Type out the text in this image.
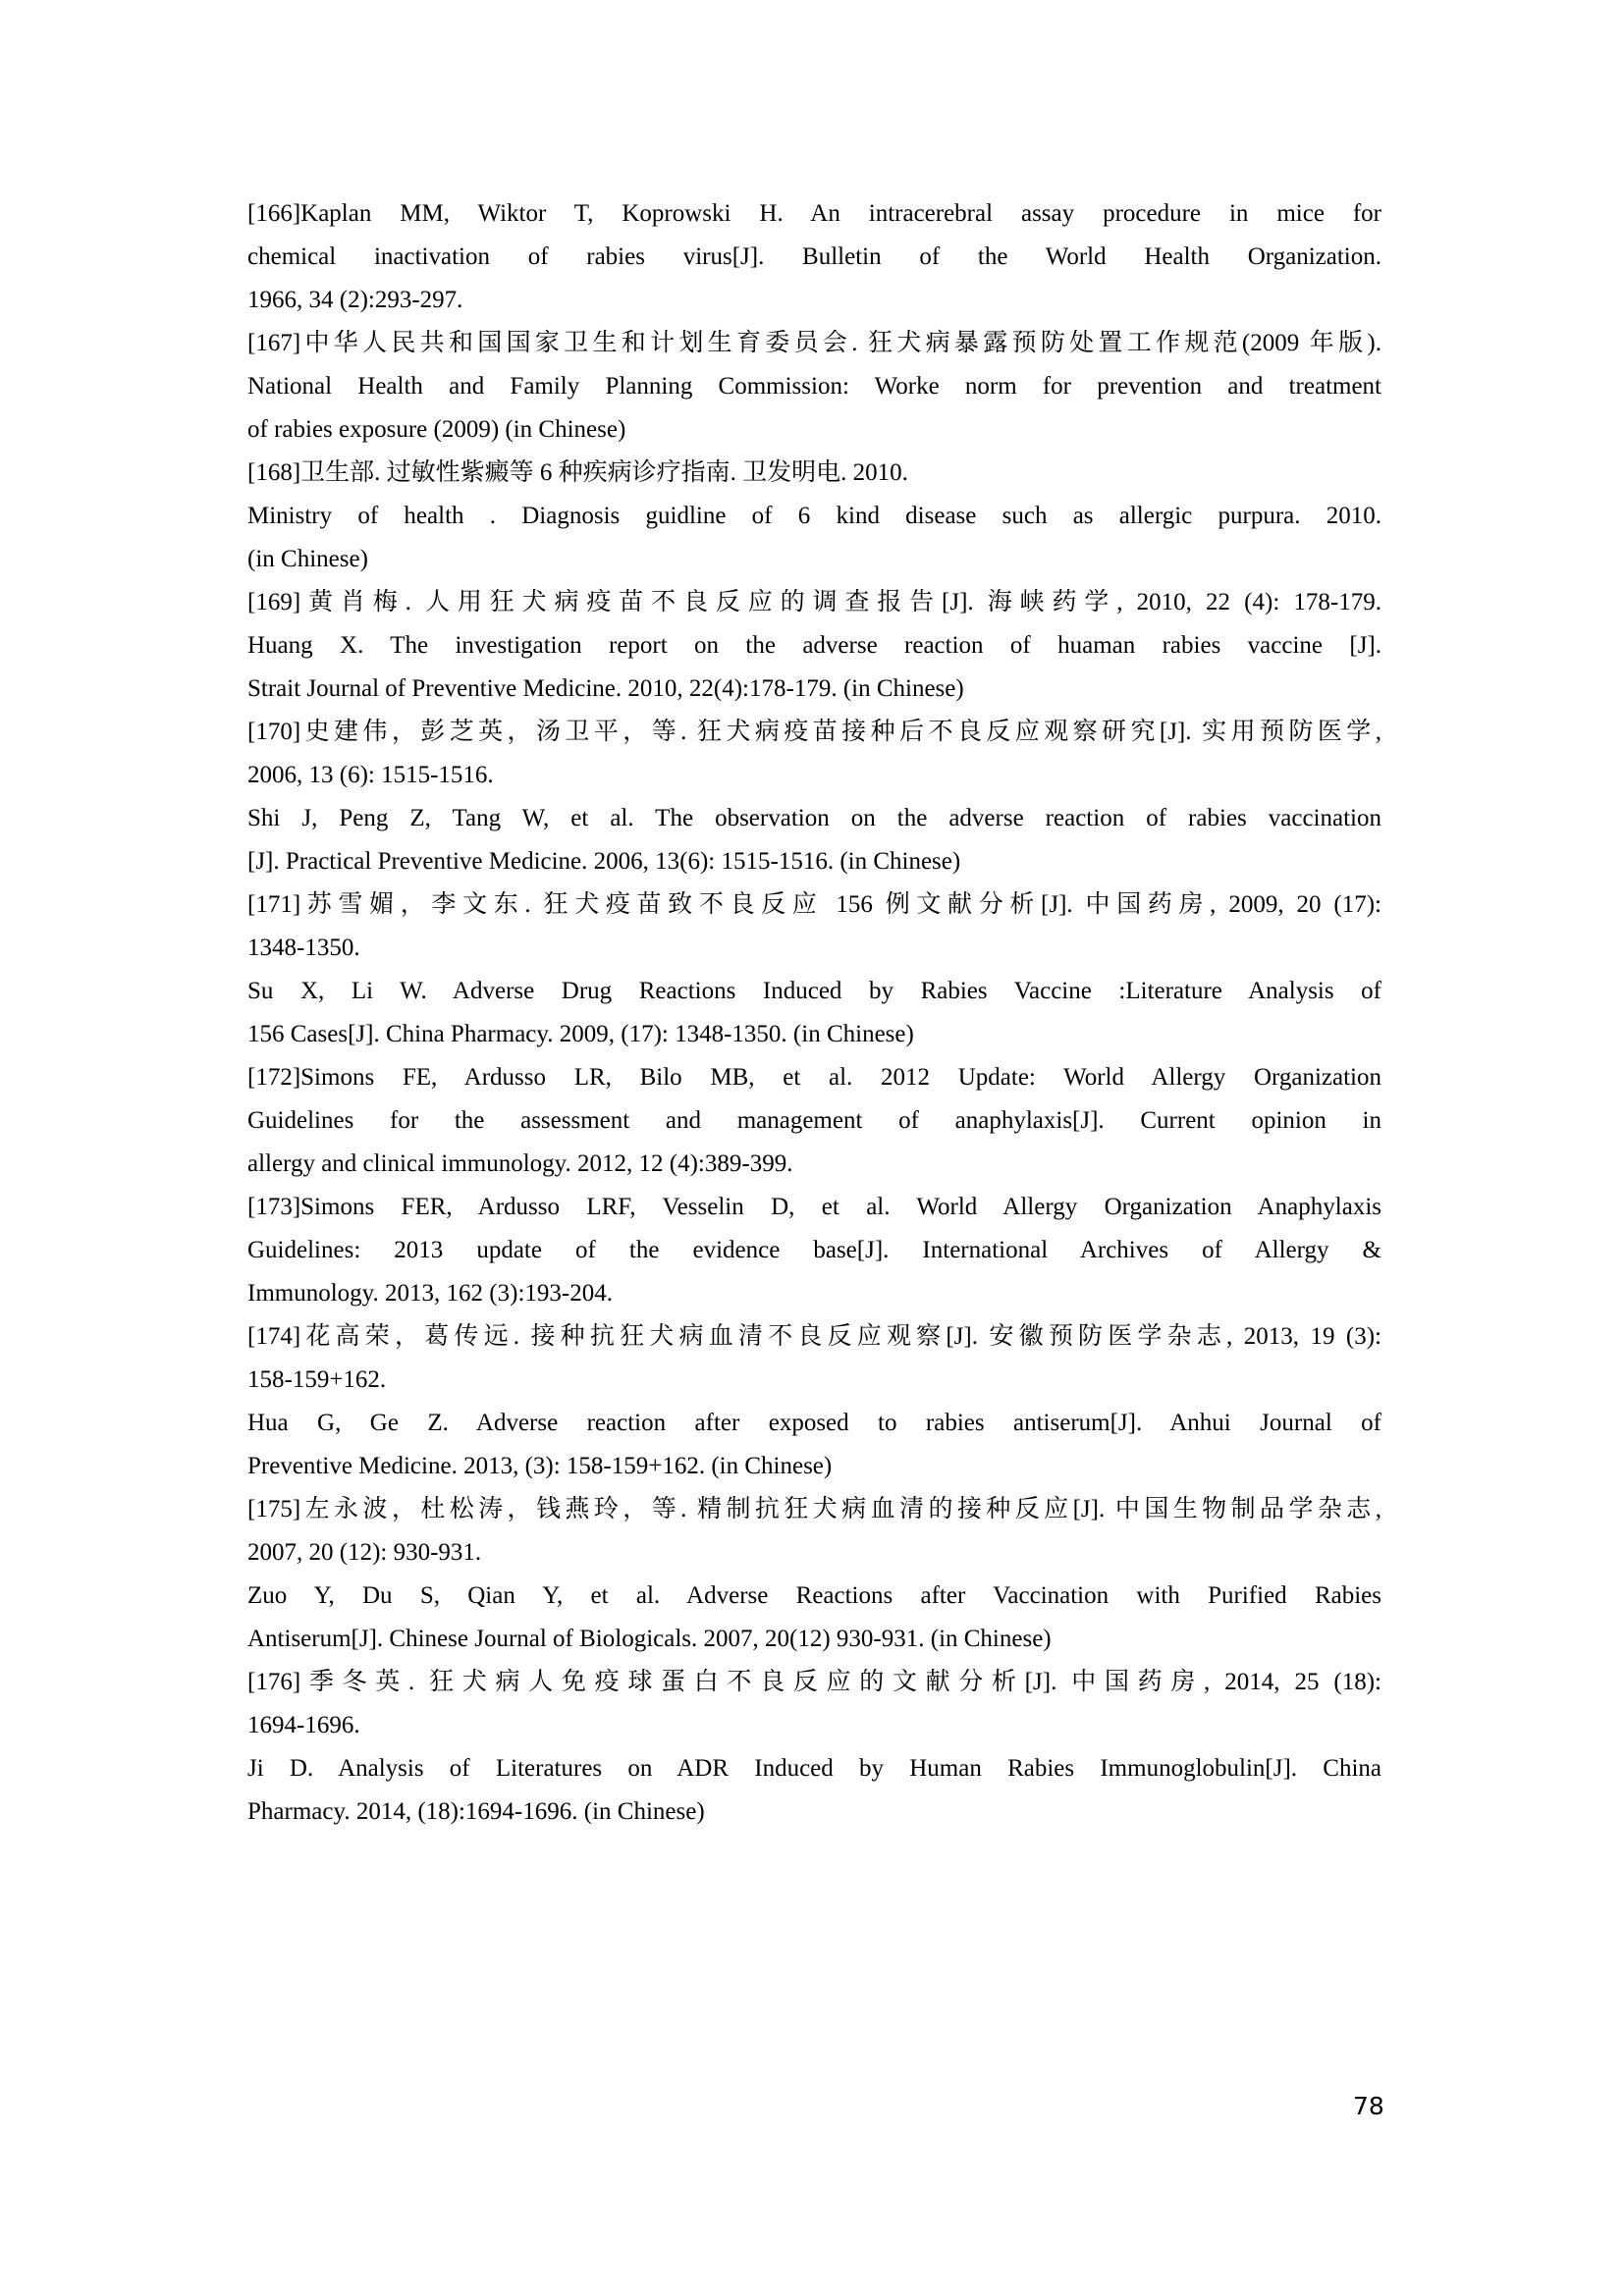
[166]Kaplan MM, Wiktor T, Koprowski H. An intracerebral assay procedure in mice for
chemical inactivation of rabies virus[J]. Bulletin of the World Health Organization.
1966, 34 (2):293-297.
[167]中华人民共和国国家卫生和计划生育委员会. 狂犬病暴露预防处置工作规范(2009 年版).
National Health and Family Planning Commission: Worke norm for prevention and treatment
of rabies exposure (2009) (in Chinese)
[168]卫生部. 过敏性紫癜等 6 种疾病诊疗指南. 卫发明电. 2010.
Ministry of health . Diagnosis guidline of 6 kind disease such as allergic purpura. 2010.
(in Chinese)
[169]黄肖梅. 人用狂犬病疫苗不良反应的调查报告[J]. 海峡药学, 2010, 22 (4): 178-179.
Huang X. The investigation report on the adverse reaction of huaman rabies vaccine [J].
Strait Journal of Preventive Medicine. 2010, 22(4):178-179. (in Chinese)
[170]史建伟，彭芝英，汤卫平，等. 狂犬病疫苗接种后不良反应观察研究[J]. 实用预防医学,
2006, 13 (6): 1515-1516.
Shi J, Peng Z, Tang W, et al. The observation on the adverse reaction of rabies vaccination
[J]. Practical Preventive Medicine. 2006, 13(6): 1515-1516. (in Chinese)
[171]苏雪媚，李文东. 狂犬疫苗致不良反应 156 例文献分析[J]. 中国药房, 2009, 20 (17):
1348-1350.
Su X, Li W. Adverse Drug Reactions Induced by Rabies Vaccine :Literature Analysis of
156 Cases[J]. China Pharmacy. 2009, (17): 1348-1350. (in Chinese)
[172]Simons FE, Ardusso LR, Bilo MB, et al. 2012 Update: World Allergy Organization
Guidelines for the assessment and management of anaphylaxis[J]. Current opinion in
allergy and clinical immunology. 2012, 12 (4):389-399.
[173]Simons FER, Ardusso LRF, Vesselin D, et al. World Allergy Organization Anaphylaxis
Guidelines: 2013 update of the evidence base[J]. International Archives of Allergy &
Immunology. 2013, 162 (3):193-204.
[174]花高荣，葛传远. 接种抗狂犬病血清不良反应观察[J]. 安徽预防医学杂志, 2013, 19 (3):
158-159+162.
Hua G, Ge Z. Adverse reaction after exposed to rabies antiserum[J]. Anhui Journal of
Preventive Medicine. 2013, (3): 158-159+162. (in Chinese)
[175]左永波，杜松涛，钱燕玲，等. 精制抗狂犬病血清的接种反应[J]. 中国生物制品学杂志,
2007, 20 (12): 930-931.
Zuo Y, Du S, Qian Y, et al. Adverse Reactions after Vaccination with Purified Rabies
Antiserum[J]. Chinese Journal of Biologicals. 2007, 20(12) 930-931. (in Chinese)
[176]季冬英. 狂犬病人免疫球蛋白不良反应的文献分析[J]. 中国药房, 2014, 25 (18):
1694-1696.
Ji D. Analysis of Literatures on ADR Induced by Human Rabies Immunoglobulin[J]. China
Pharmacy. 2014, (18):1694-1696. (in Chinese)
78
